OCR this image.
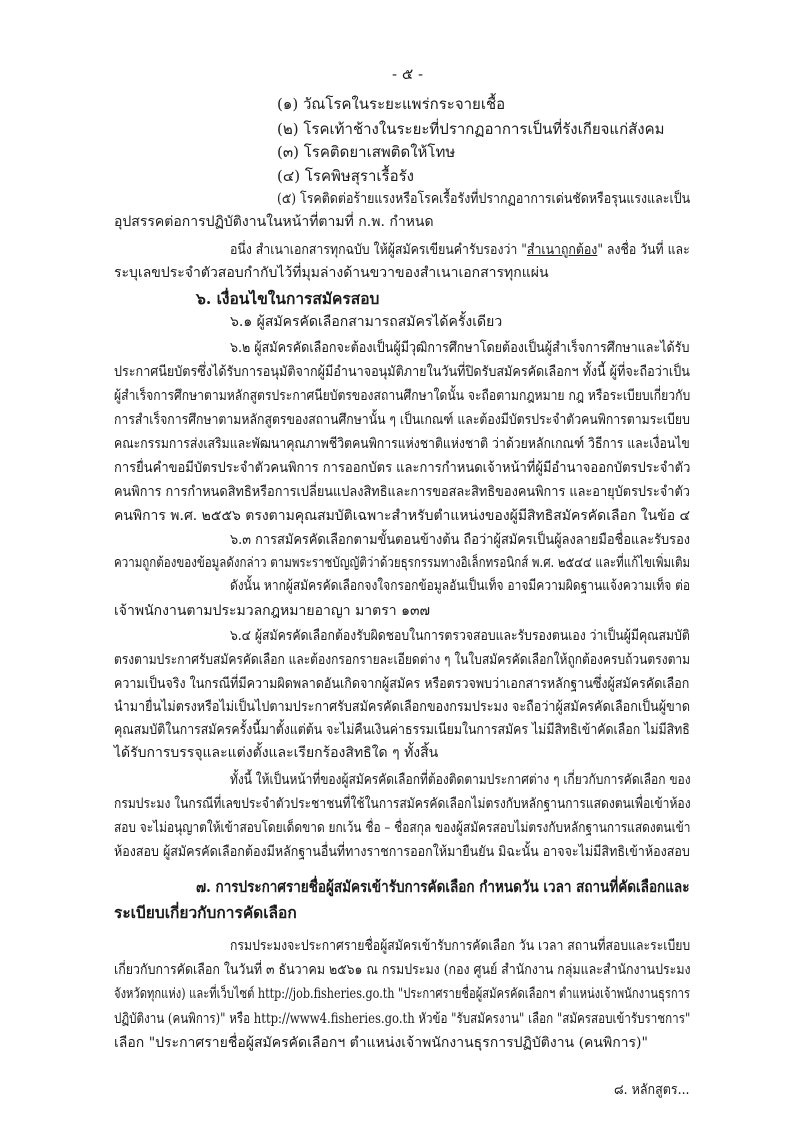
- ๕ -
(๑) วัณโรคในระยะแพร่กระจายเชื้อ
(๒) โรคเท้าช้างในระยะที่ปรากฏอาการเป็นที่รังเกียจแก่สังคม
(๓) โรคติดยาเสพติดให้โทษ
(๔) โรคพิษสุราเรื้อรัง
(๕) โรคติดต่อร้ายแรงหรือโรคเรื้อรังที่ปรากฏอาการเด่นชัดหรือรุนแรงและเป็น
อุปสรรคต่อการปฏิบัติงานในหน้าที่ตามที่ ก.พ. กำหนด
อนึ่ง สำเนาเอกสารทุกฉบับ ให้ผู้สมัครเขียนคำรับรองว่า "สำเนาถูกต้อง" ลงชื่อ วันที่ และ
ระบุเลขประจำตัวสอบกำกับไว้ที่มุมล่างด้านขวาของสำเนาเอกสารทุกแผ่น
๖. เงื่อนไขในการสมัครสอบ
๖.๑ ผู้สมัครคัดเลือกสามารถสมัครได้ครั้งเดียว
๖.๒ ผู้สมัครคัดเลือกจะต้องเป็นผู้มีวุฒิการศึกษาโดยต้องเป็นผู้สำเร็จการศึกษาและได้รับ
ประกาศนียบัตรซึ่งได้รับการอนุมัติจากผู้มีอำนาจอนุมัติภายในวันที่ปิดรับสมัครคัดเลือกฯ ทั้งนี้ ผู้ที่จะถือว่าเป็น
ผู้สำเร็จการศึกษาตามหลักสูตรประกาศนียบัตรของสถานศึกษาใดนั้น จะถือตามกฎหมาย กฎ หรือระเบียบเกี่ยวกับ
การสำเร็จการศึกษาตามหลักสูตรของสถานศึกษานั้น ๆ เป็นเกณฑ์ และต้องมีบัตรประจำตัวคนพิการตามระเบียบ
คณะกรรมการส่งเสริมและพัฒนาคุณภาพชีวิตคนพิการแห่งชาติแห่งชาติ ว่าด้วยหลักเกณฑ์ วิธีการ และเงื่อนไข
การยื่นคำขอมีบัตรประจำตัวคนพิการ การออกบัตร และการกำหนดเจ้าหน้าที่ผู้มีอำนาจออกบัตรประจำตัว
คนพิการ การกำหนดสิทธิหรือการเปลี่ยนแปลงสิทธิและการขอสละสิทธิของคนพิการ และอายุบัตรประจำตัว
คนพิการ พ.ศ. ๒๕๕๖ ตรงตามคุณสมบัติเฉพาะสำหรับตำแหน่งของผู้มีสิทธิสมัครคัดเลือก ในข้อ ๔
๖.๓ การสมัครคัดเลือกตามขั้นตอนข้างต้น ถือว่าผู้สมัครเป็นผู้ลงลายมือชื่อและรับรอง
ความถูกต้องของข้อมูลดังกล่าว ตามพระราชบัญญัติว่าด้วยธุรกรรมทางอิเล็กทรอนิกส์ พ.ศ. ๒๕๔๔ และที่แก้ไขเพิ่มเติม
ดังนั้น หากผู้สมัครคัดเลือกจงใจกรอกข้อมูลอันเป็นเท็จ อาจมีความผิดฐานแจ้งความเท็จ ต่อ
เจ้าพนักงานตามประมวลกฎหมายอาญา มาตรา ๑๓๗
๖.๔ ผู้สมัครคัดเลือกต้องรับผิดชอบในการตรวจสอบและรับรองตนเอง ว่าเป็นผู้มีคุณสมบัติ
ตรงตามประกาศรับสมัครคัดเลือก และต้องกรอกรายละเอียดต่าง ๆ ในใบสมัครคัดเลือกให้ถูกต้องครบถ้วนตรงตาม
ความเป็นจริง ในกรณีที่มีความผิดพลาดอันเกิดจากผู้สมัคร หรือตรวจพบว่าเอกสารหลักฐานซึ่งผู้สมัครคัดเลือก
นำมายื่นไม่ตรงหรือไม่เป็นไปตามประกาศรับสมัครคัดเลือกของกรมประมง จะถือว่าผู้สมัครคัดเลือกเป็นผู้ขาด
คุณสมบัติในการสมัครครั้งนี้มาตั้งแต่ต้น จะไม่คืนเงินค่าธรรมเนียมในการสมัคร ไม่มีสิทธิเข้าคัดเลือก ไม่มีสิทธิ
ได้รับการบรรจุและแต่งตั้งและเรียกร้องสิทธิใด ๆ ทั้งสิ้น
ทั้งนี้ ให้เป็นหน้าที่ของผู้สมัครคัดเลือกที่ต้องติดตามประกาศต่าง ๆ เกี่ยวกับการคัดเลือก ของ
กรมประมง ในกรณีที่เลขประจำตัวประชาชนที่ใช้ในการสมัครคัดเลือกไม่ตรงกับหลักฐานการแสดงตนเพื่อเข้าห้อง
สอบ จะไม่อนุญาตให้เข้าสอบโดยเด็ดขาด ยกเว้น ชื่อ – ชื่อสกุล ของผู้สมัครสอบไม่ตรงกับหลักฐานการแสดงตนเข้า
ห้องสอบ ผู้สมัครคัดเลือกต้องมีหลักฐานอื่นที่ทางราชการออกให้มายืนยัน มิฉะนั้น อาจจะไม่มีสิทธิเข้าห้องสอบ
๗. การประกาศรายชื่อผู้สมัครเข้ารับการคัดเลือก กำหนดวัน เวลา สถานที่คัดเลือกและ
ระเบียบเกี่ยวกับการคัดเลือก
กรมประมงจะประกาศรายชื่อผู้สมัครเข้ารับการคัดเลือก วัน เวลา สถานที่สอบและระเบียบ
เกี่ยวกับการคัดเลือก ในวันที่ ๓ ธันวาคม ๒๕๖๑ ณ กรมประมง (กอง ศูนย์ สำนักงาน กลุ่มและสำนักงานประมง
จังหวัดทุกแห่ง) และที่เว็บไซต์ http://job.fisheries.go.th "ประกาศรายชื่อผู้สมัครคัดเลือกฯ ตำแหน่งเจ้าพนักงานธุรการ
ปฏิบัติงาน (คนพิการ)" หรือ http://www4.fisheries.go.th หัวข้อ "รับสมัครงาน" เลือก "สมัครสอบเข้ารับราชการ"
เลือก "ประกาศรายชื่อผู้สมัครคัดเลือกฯ ตำแหน่งเจ้าพนักงานธุรการปฏิบัติงาน (คนพิการ)"
๘. หลักสูตร...
